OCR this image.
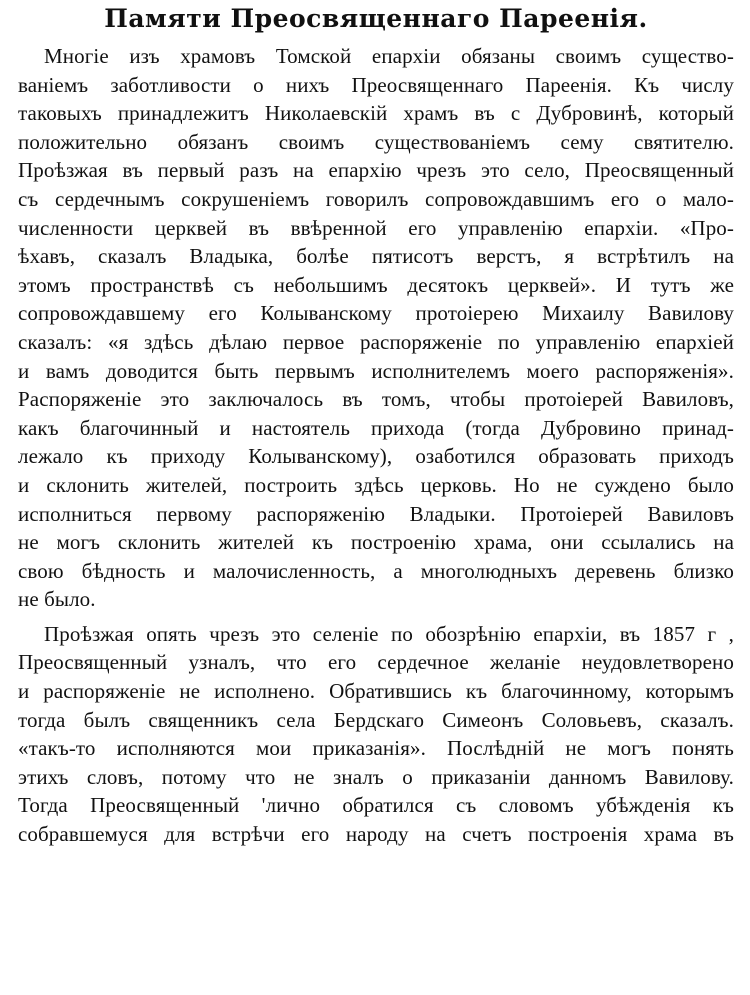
Памяти Преосвященнаго Пареенія.

Многіе изъ храмовъ Томской епархіи обязаны своимъ существо-
ваніемъ заботливости о нихъ Преосвященнаго Пареенія. Къ числу
таковыхъ принадлежитъ Николаевскій храмъ въ с Дубровинѣ, который
положительно обязанъ своимъ существованіемъ сему святителю.
Проѣзжая въ первый разъ на епархію чрезъ это село, Преосвященный
съ сердечнымъ сокрушеніемъ говорилъ сопровождавшимъ его о мало-
численности церквей въ ввѣренной его управленію епархіи. «Про-
ѣхавъ, сказалъ Владыка, болѣе пятисотъ верстъ, я встрѣтилъ на
этомъ пространствѣ съ небольшимъ десятокъ церквей». И тутъ же
сопровождавшему его Колыванскому протоіерею Михаилу Вавилову
сказалъ: «я здѣсь дѣлаю первое распоряженіе по управленію епархіей
и вамъ доводится быть первымъ исполнителемъ моего распоряженія».
Распоряженіе это заключалось въ томъ, чтобы протоіерей Вавиловъ,
какъ благочинный и настоятель прихода (тогда Дубровино принад-
лежало къ приходу Колыванскому), озаботился образовать приходъ
и склонить жителей, построить здѣсь церковь. Но не суждено было
исполниться первому распоряженію Владыки. Протоіерей Вавиловъ
не могъ склонить жителей къ построенію храма, они ссылались на
свою бѣдность и малочисленность, а многолюдныхъ деревень близко
не было.

Проѣзжая опять чрезъ это селеніе по обозрѣнію епархіи, въ 1857 г ,
Преосвященный узналъ, что его сердечное желаніе неудовлетворено
и распоряженіе не исполнено. Обратившись къ благочинному, которымъ
тогда былъ священникъ села Бердскаго Симеонъ Соловьевъ, сказалъ.
«такъ-то исполняются мои приказанія». Послѣдній не могъ понять
этихъ словъ, потому что не зналъ о приказаніи данномъ Вавилову.
Тогда Преосвященный 'лично обратился съ словомъ убѣжденія къ
собравшемуся для встрѣчи его народу на счетъ построенія храма въ
